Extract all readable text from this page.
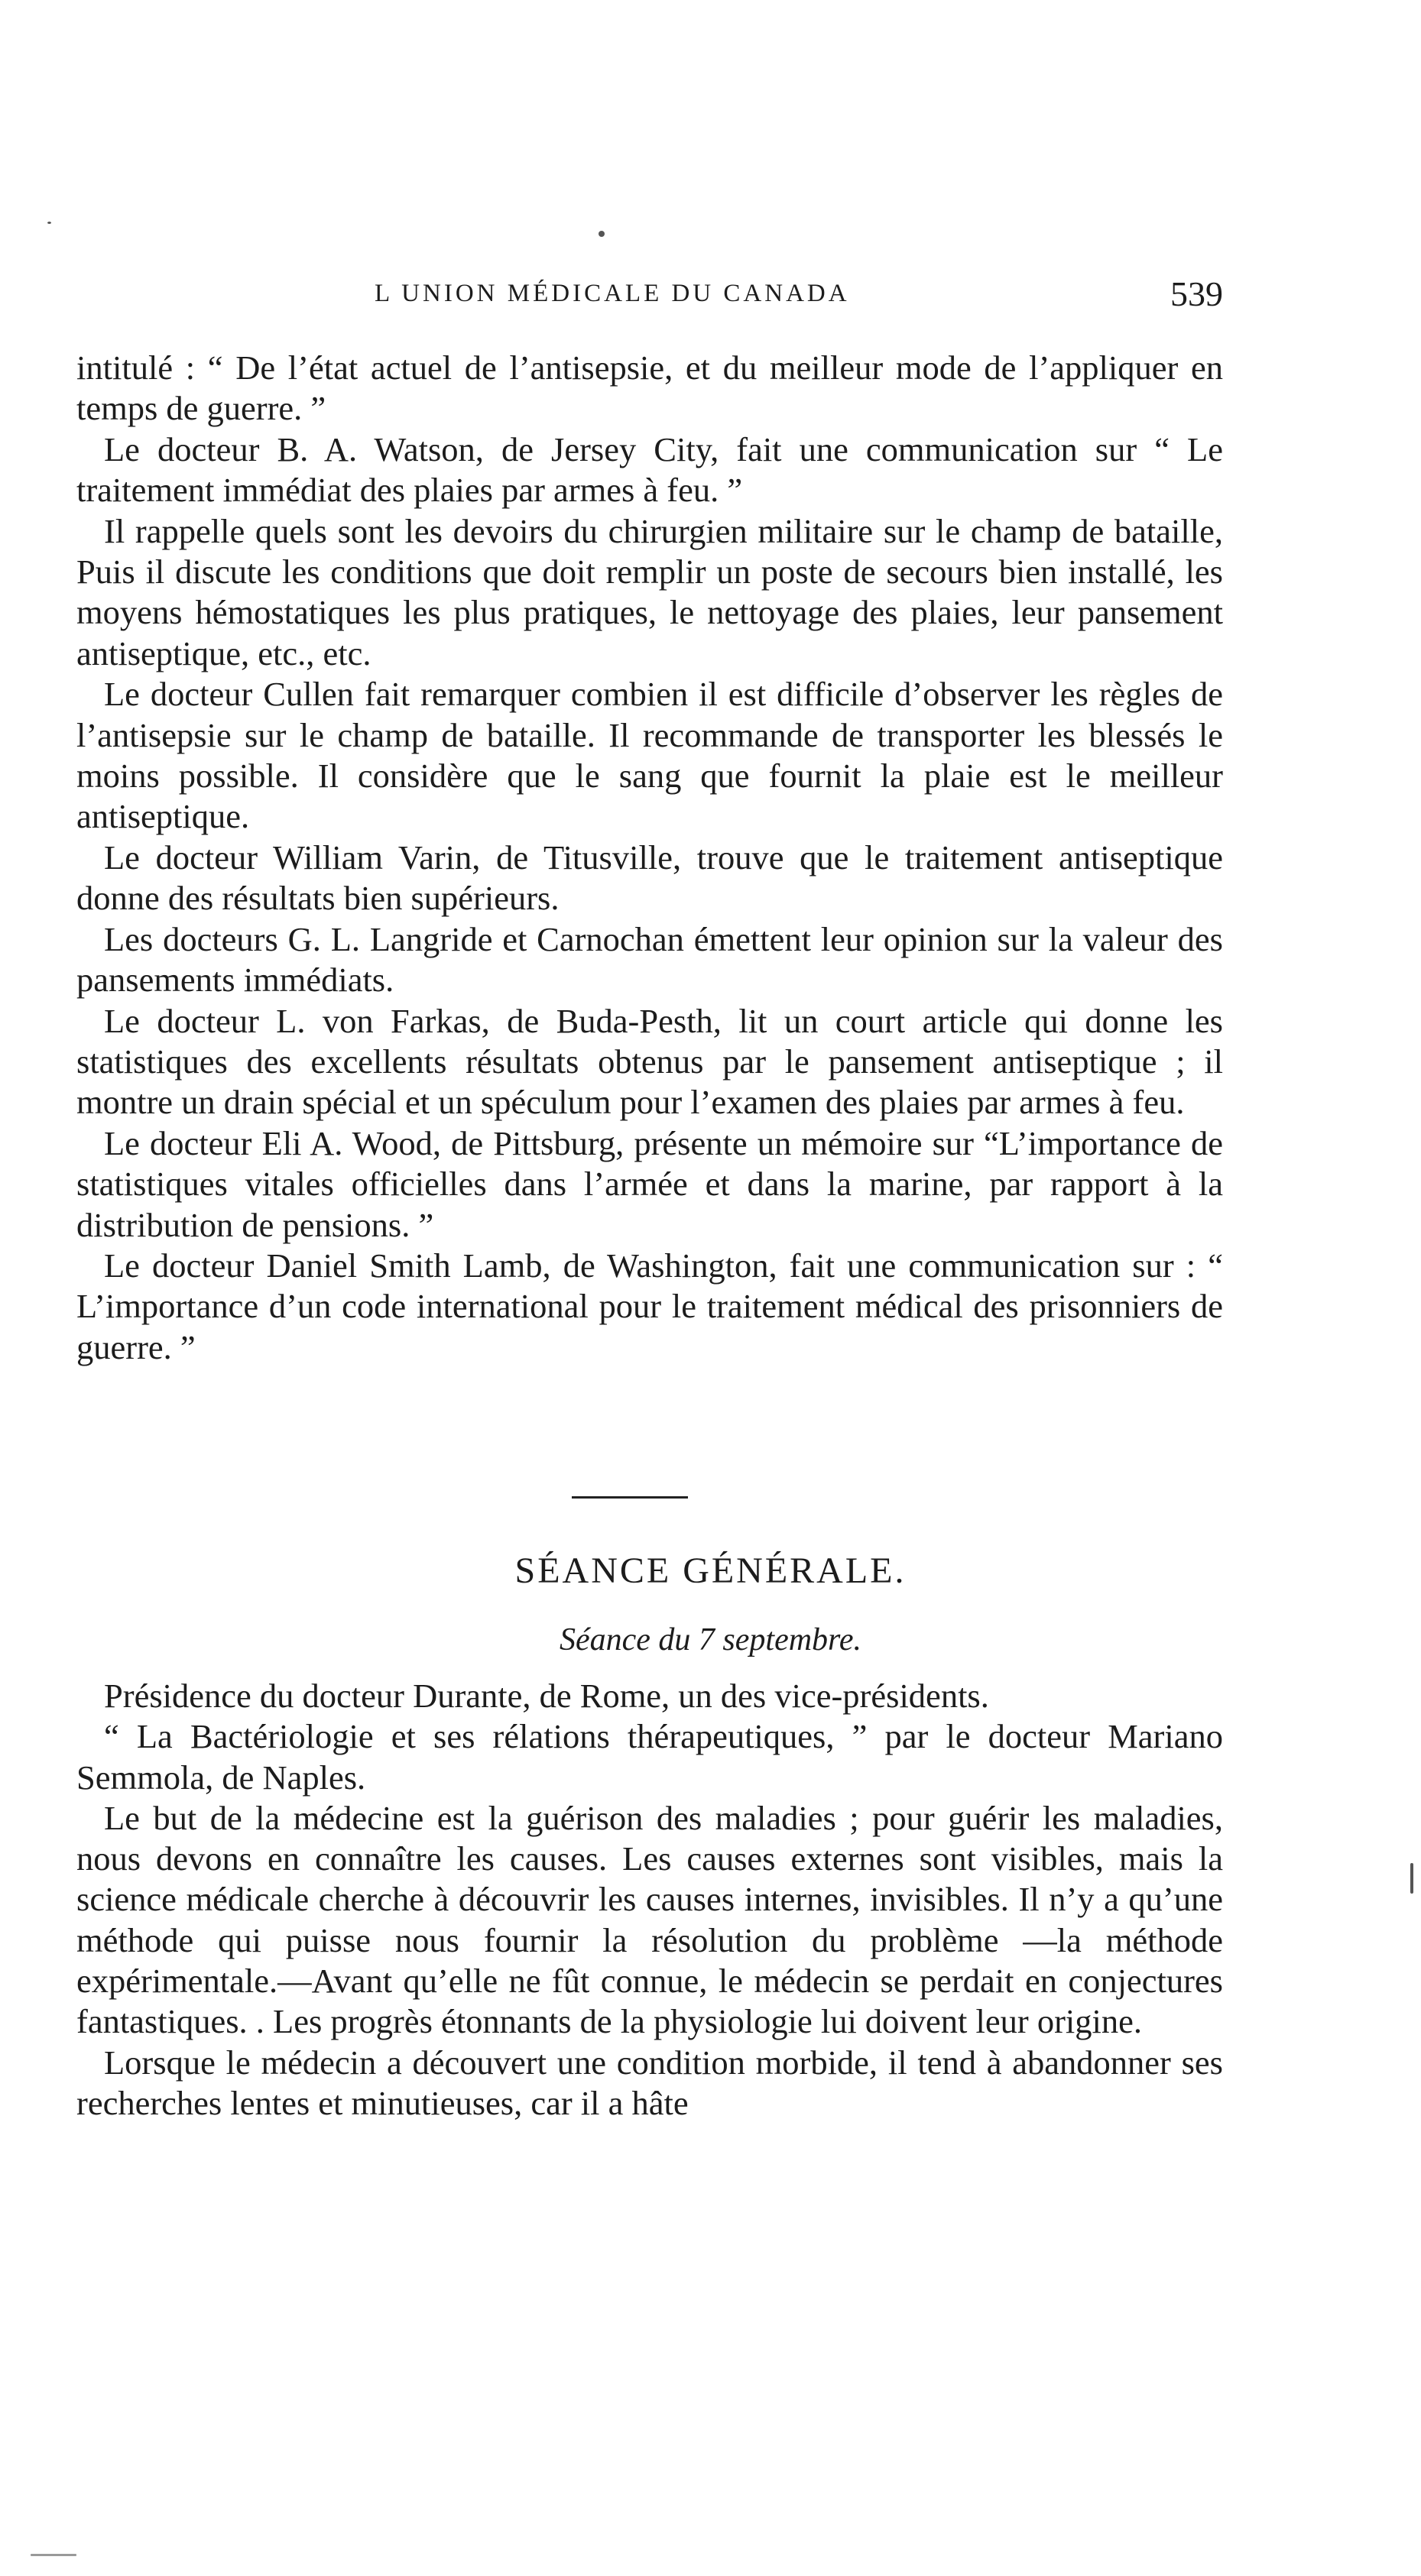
L UNION MÉDICALE DU CANADA	539

intitulé : “ De l’état actuel de l’antisepsie, et du meilleur mode de l’appliquer en temps de guerre. ”

Le docteur B. A. Watson, de Jersey City, fait une communication sur “ Le traitement immédiat des plaies par armes à feu. ”

Il rappelle quels sont les devoirs du chirurgien militaire sur le champ de bataille, Puis il discute les conditions que doit remplir un poste de secours bien installé, les moyens hémostatiques les plus pratiques, le nettoyage des plaies, leur pansement antiseptique, etc., etc.

Le docteur Cullen fait remarquer combien il est difficile d’observer les règles de l’antisepsie sur le champ de bataille. Il recommande de transporter les blessés le moins possible. Il considère que le sang que fournit la plaie est le meilleur antiseptique.

Le docteur William Varin, de Titusville, trouve que le traitement antiseptique donne des résultats bien supérieurs.

Les docteurs G. L. Langride et Carnochan émettent leur opinion sur la valeur des pansements immédiats.

Le docteur L. von Farkas, de Buda-Pesth, lit un court article qui donne les statistiques des excellents résultats obtenus par le pansement antiseptique ; il montre un drain spécial et un spéculum pour l’examen des plaies par armes à feu.

Le docteur Eli A. Wood, de Pittsburg, présente un mémoire sur “L’importance de statistiques vitales officielles dans l’armée et dans la marine, par rapport à la distribution de pensions. ”

Le docteur Daniel Smith Lamb, de Washington, fait une communication sur : “ L’importance d’un code international pour le traitement médical des prisonniers de guerre. ”

SÉANCE GÉNÉRALE.
Séance du 7 septembre.

Présidence du docteur Durante, de Rome, un des vice-présidents.

“ La Bactériologie et ses rélations thérapeutiques, ” par le docteur Mariano Semmola, de Naples.

Le but de la médecine est la guérison des maladies ; pour guérir les maladies, nous devons en connaître les causes. Les causes externes sont visibles, mais la science médicale cherche à découvrir les causes internes, invisibles. Il n’y a qu’une méthode qui puisse nous fournir la résolution du problème —la méthode expérimentale.—Avant qu’elle ne fût connue, le médecin se perdait en conjectures fantastiques. . Les progrès étonnants de la physiologie lui doivent leur origine.

Lorsque le médecin a découvert une condition morbide, il tend à abandonner ses recherches lentes et minutieuses, car il a hâte
